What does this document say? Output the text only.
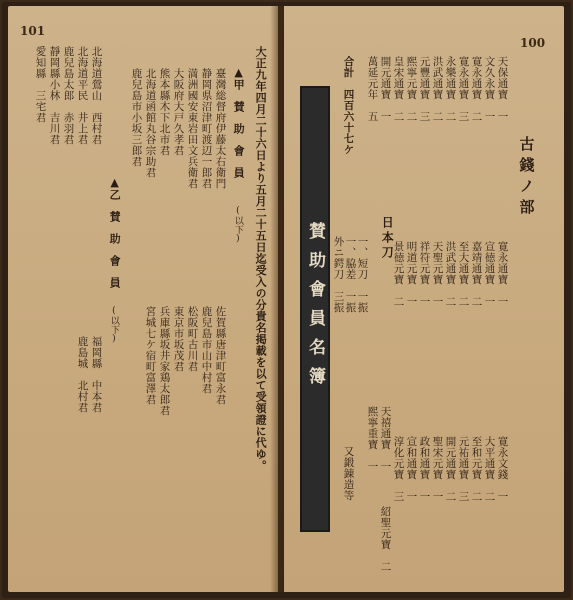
101
大正九年四月二十六日より五月二十五日迄受入の分貴名掲載を以て受領證に代ゆ。
▲甲　賛　助　會　員
(以下)
臺灣総督府伊藤太右衛門
静岡県沼津町渡辺一郎君
満洲國安東岩田文兵衛君
大阪府大戸久孝君
熊本縣木下北市君
北海道函館丸谷宗助君
鹿兒島市小坂三郎君
佐賀縣唐津町富永君
鹿兒島市山中村君
松阪町古川君
東京市坂茂君
兵庫縣坂井家鶏太郎君
宮城七ケ宿町富澤君
▲乙　賛　助　會　員
(以下)
北海道鶯山　西村君
北海道平民　井上君
鹿兒島太郎　赤羽君
靜岡縣小林　吉川君
愛知縣　三宅君
福岡縣　中本君
鹿島城　北村君
100
古錢ノ部
天保通寶　一
文久永寶　一
寛永通寶　二
寛永通寶　三
永樂通寶　二
洪武通寶　二
元豐通寶　三
熙寧元寶　二
皇宋通寶　二
開元通寶　一
萬延元年　五
合計　四百六十七ケ
賛助會員名簿	日本刀
一、短刀　一振
一、脇差　一振
外ニ鍔刀　三振	寛永通寶　一
宣徳通寶　一
嘉靖通寶　二
至大通寶　二
洪武通寶　二
天聖元寶　一
祥符元寶　一
明道元寶　一
景徳元寶　二
天禧通寶　一
熙寧重寶　一	寛永文錢　一
大平通寶　二
至和元寶　二
元祐通寶　三
開元通寶　二
聖宋元寶　一
政和通寶　一
宣和通寶　一
淳化元寶　三
紹聖元寶　二
又鍛錬造等
